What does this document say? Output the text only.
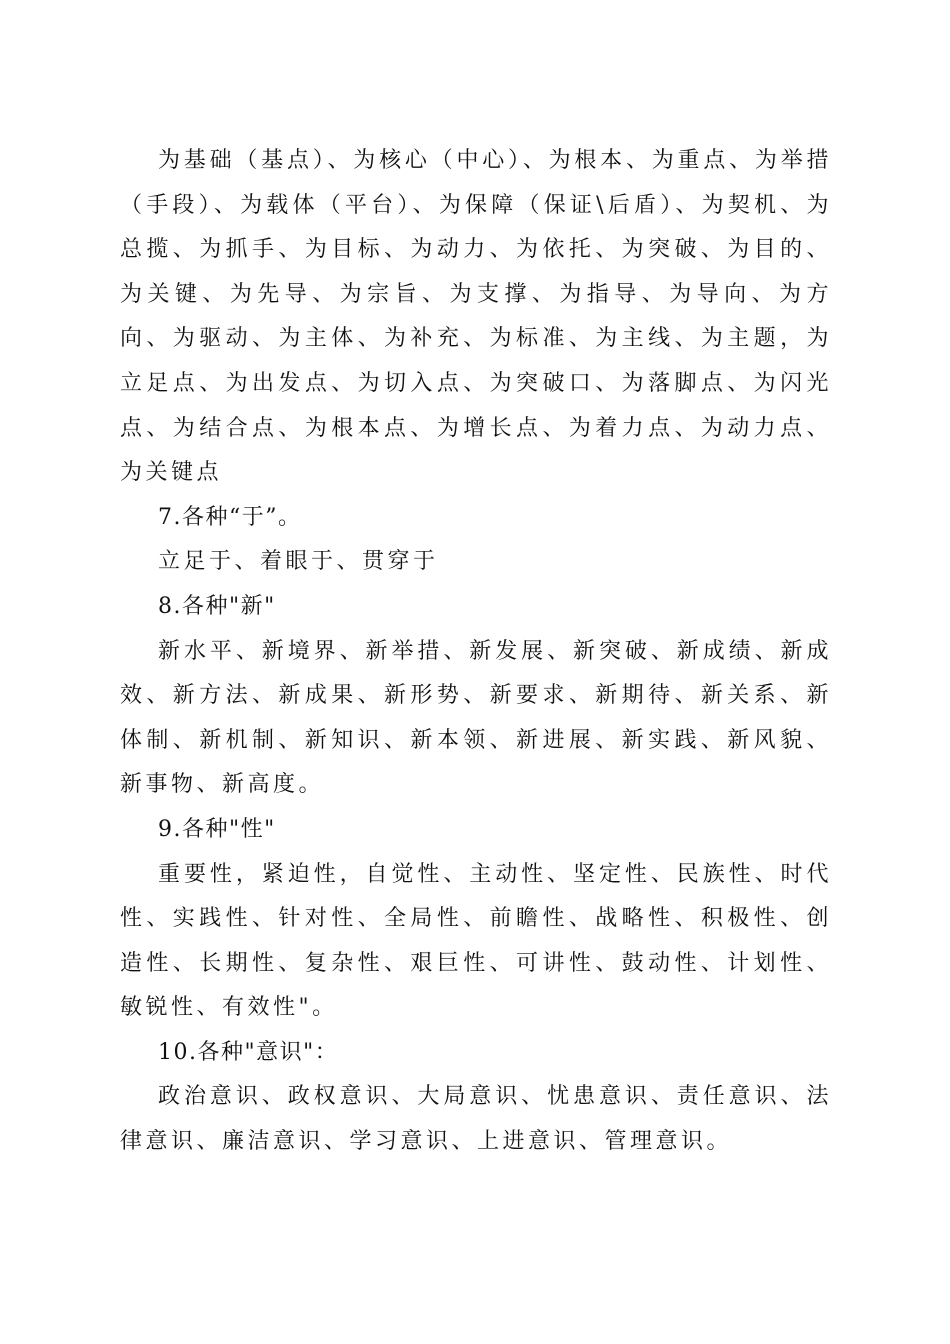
为基础（基点）、为核心（中心）、为根本、为重点、为举措（手段）、为载体（平台）、为保障（保证\后盾）、为契机、为总揽、为抓手、为目标、为动力、为依托、为突破、为目的、为关键、为先导、为宗旨、为支撑、为指导、为导向、为方向、为驱动、为主体、为补充、为标准、为主线、为主题，为立足点、为出发点、为切入点、为突破口、为落脚点、为闪光点、为结合点、为根本点、为增长点、为着力点、为动力点、为关键点

7.各种“于”。

立足于、着眼于、贯穿于

8.各种"新"

新水平、新境界、新举措、新发展、新突破、新成绩、新成效、新方法、新成果、新形势、新要求、新期待、新关系、新体制、新机制、新知识、新本领、新进展、新实践、新风貌、新事物、新高度。

9.各种"性"

重要性，紧迫性，自觉性、主动性、坚定性、民族性、时代性、实践性、针对性、全局性、前瞻性、战略性、积极性、创造性、长期性、复杂性、艰巨性、可讲性、鼓动性、计划性、敏锐性、有效性"。

10.各种"意识"：

政治意识、政权意识、大局意识、忧患意识、责任意识、法律意识、廉洁意识、学习意识、上进意识、管理意识。
